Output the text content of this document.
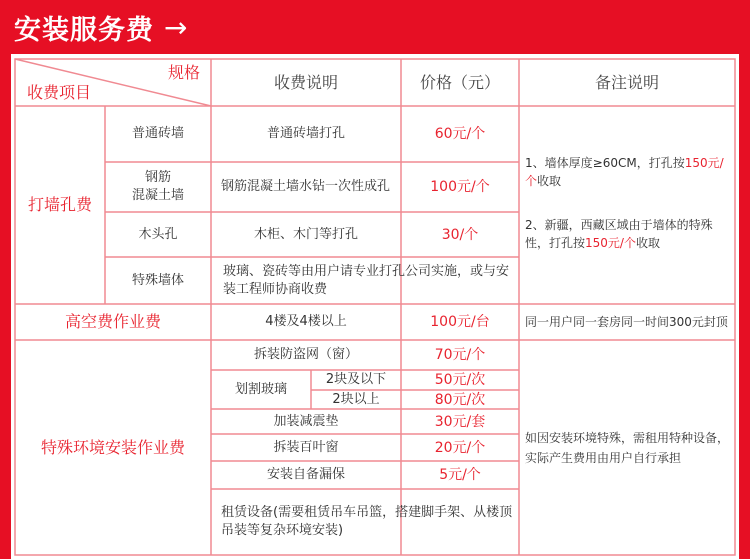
安装服务费 →
规格
收费项目
收费说明	价格（元）	备注说明
打墙孔费
普通砖墙	普通砖墙打孔	60元/个
钢筋
混凝土墙
钢筋混凝土墙水钻一次性成孔	100元/个
木头孔	木柜、木门等打孔	30/个
特殊墙体
玻璃、瓷砖等由用户请专业打孔公司实施，或与安装工程师协商收费
1、墙体厚度≥60CM，打孔按150元/个收取
2、新疆，西藏区域由于墙体的特殊性，打孔按150元/个收取
高空费作业费	4楼及4楼以上	100元/台	同一用户同一套房同一时间300元封顶
特殊环境安装作业费
拆装防盗网（窗）	70元/个
划割玻璃
2块及以下	50元/次
2块以上	80元/次
加装减震垫	30元/套
拆装百叶窗	20元/个
安装自备漏保	5元/个
租赁设备(需要租赁吊车吊篮，搭建脚手架、从楼顶吊装等复杂环境安装)
如因安装环境特殊，需租用特种设备，实际产生费用由用户自行承担
